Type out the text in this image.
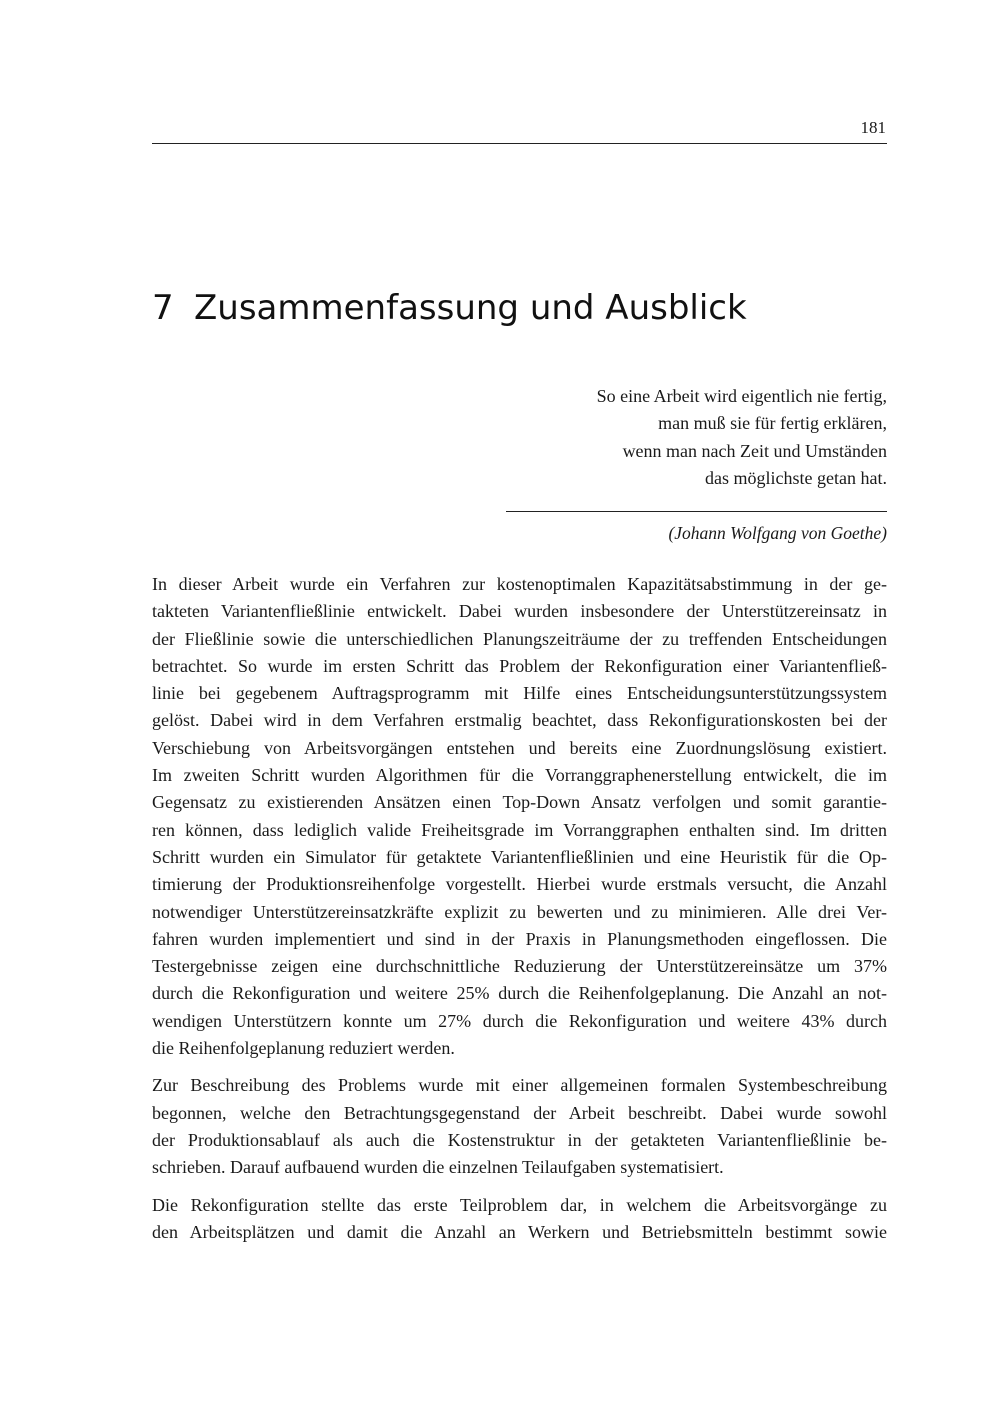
181
7 Zusammenfassung und Ausblick
So eine Arbeit wird eigentlich nie fertig,
man muß sie für fertig erklären,
wenn man nach Zeit und Umständen
das möglichste getan hat.
(Johann Wolfgang von Goethe)

In dieser Arbeit wurde ein Verfahren zur kostenoptimalen Kapazitätsabstimmung in der ge-
takteten Variantenfließlinie entwickelt. Dabei wurden insbesondere der Unterstützereinsatz in
der Fließlinie sowie die unterschiedlichen Planungszeiträume der zu treffenden Entscheidungen
betrachtet. So wurde im ersten Schritt das Problem der Rekonfiguration einer Variantenfließ-
linie bei gegebenem Auftragsprogramm mit Hilfe eines Entscheidungsunterstützungssystem
gelöst. Dabei wird in dem Verfahren erstmalig beachtet, dass Rekonfigurationskosten bei der
Verschiebung von Arbeitsvorgängen entstehen und bereits eine Zuordnungslösung existiert.
Im zweiten Schritt wurden Algorithmen für die Vorranggraphenerstellung entwickelt, die im
Gegensatz zu existierenden Ansätzen einen Top-Down Ansatz verfolgen und somit garantie-
ren können, dass lediglich valide Freiheitsgrade im Vorranggraphen enthalten sind. Im dritten
Schritt wurden ein Simulator für getaktete Variantenfließlinien und eine Heuristik für die Op-
timierung der Produktionsreihenfolge vorgestellt. Hierbei wurde erstmals versucht, die Anzahl
notwendiger Unterstützereinsatzkräfte explizit zu bewerten und zu minimieren. Alle drei Ver-
fahren wurden implementiert und sind in der Praxis in Planungsmethoden eingeflossen. Die
Testergebnisse zeigen eine durchschnittliche Reduzierung der Unterstützereinsätze um 37%
durch die Rekonfiguration und weitere 25% durch die Reihenfolgeplanung. Die Anzahl an not-
wendigen Unterstützern konnte um 27% durch die Rekonfiguration und weitere 43% durch
die Reihenfolgeplanung reduziert werden.

Zur Beschreibung des Problems wurde mit einer allgemeinen formalen Systembeschreibung
begonnen, welche den Betrachtungsgegenstand der Arbeit beschreibt. Dabei wurde sowohl
der Produktionsablauf als auch die Kostenstruktur in der getakteten Variantenfließlinie be-
schrieben. Darauf aufbauend wurden die einzelnen Teilaufgaben systematisiert.

Die Rekonfiguration stellte das erste Teilproblem dar, in welchem die Arbeitsvorgänge zu
den Arbeitsplätzen und damit die Anzahl an Werkern und Betriebsmitteln bestimmt sowie
